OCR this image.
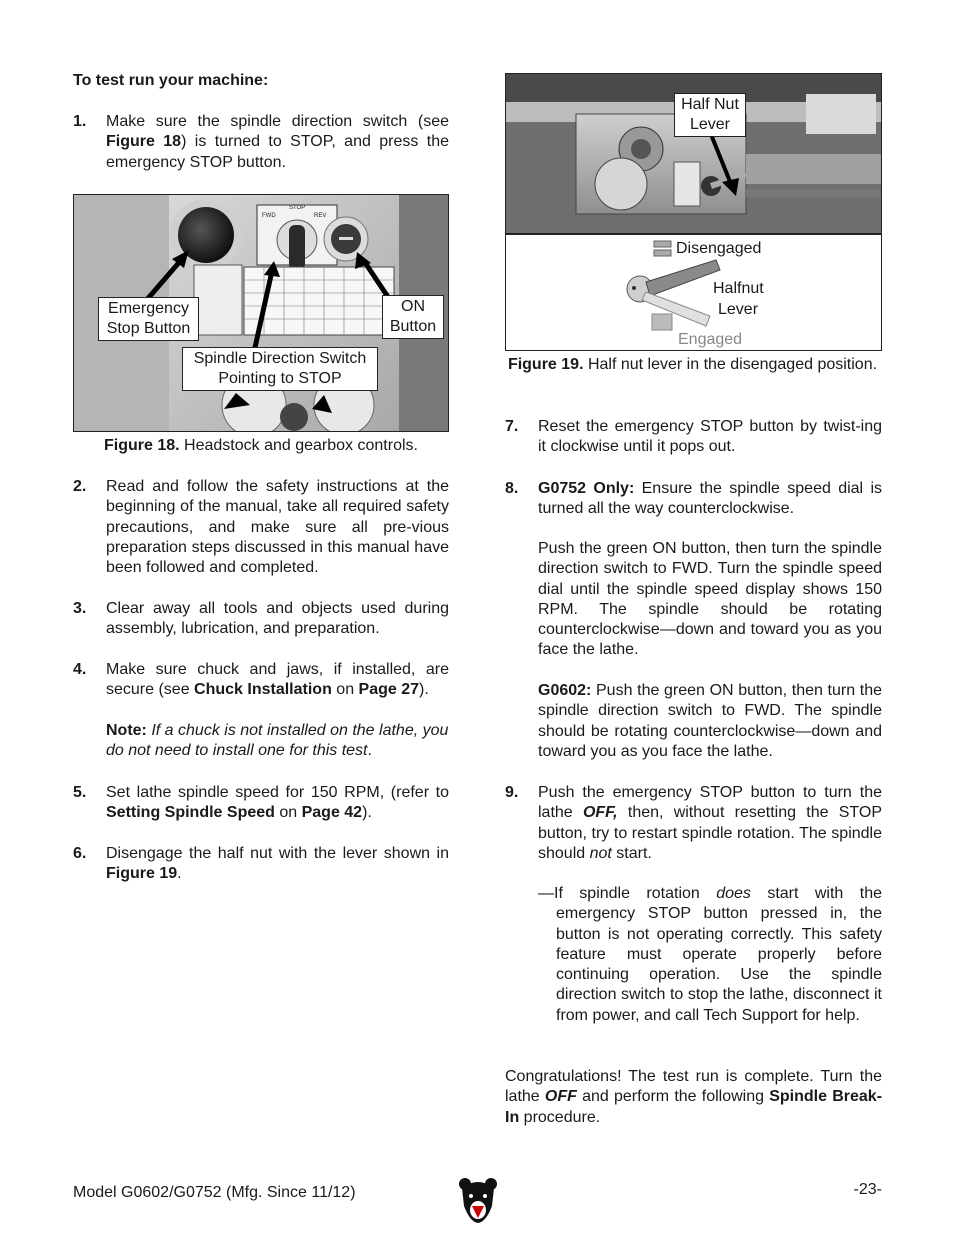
To test run your machine:
1. Make sure the spindle direction switch (see Figure 18) is turned to STOP, and press the emergency STOP button.

FWD
STOP
REV
Emergency
Stop Button
ON
Button
Spindle Direction Switch
Pointing to STOP
Figure 18. Headstock and gearbox controls.
2. Read and follow the safety instructions at the beginning of the manual, take all required safety precautions, and make sure all pre-vious preparation steps discussed in this manual have been followed and completed.

3. Clear away all tools and objects used during assembly, lubrication, and preparation.

4. Make sure chuck and jaws, if installed, are secure (see Chuck Installation on Page 27).

Note: If a chuck is not installed on the lathe, you do not need to install one for this test.

5. Set lathe spindle speed for 150 RPM, (refer to Setting Spindle Speed on Page 42).

6. Disengage the half nut with the lever shown in Figure 19.

Half Nut
Lever
Disengaged
Halfnut
Lever
Engaged
Figure 19. Half nut lever in the disengaged position.
7. Reset the emergency STOP button by twist-ing it clockwise until it pops out.

8. G0752 Only: Ensure the spindle speed dial is turned all the way counterclockwise.

Push the green ON button, then turn the spindle direction switch to FWD. Turn the spindle speed dial until the spindle speed display shows 150 RPM. The spindle should be rotating counterclockwise—down and toward you as you face the lathe.

G0602: Push the green ON button, then turn the spindle direction switch to FWD. The spindle should be rotating counterclockwise—down and toward you as you face the lathe.

9. Push the emergency STOP button to turn the lathe OFF, then, without resetting the STOP button, try to restart spindle rotation. The spindle should not start.

—If spindle rotation does start with the emergency STOP button pressed in, the button is not operating correctly. This safety feature must operate properly before continuing operation. Use the spindle direction switch to stop the lathe, disconnect it from power, and call Tech Support for help.

Congratulations! The test run is complete. Turn the lathe OFF and perform the following Spindle Break-In procedure.

Model G0602/G0752 (Mfg. Since 11/12)	-23-
